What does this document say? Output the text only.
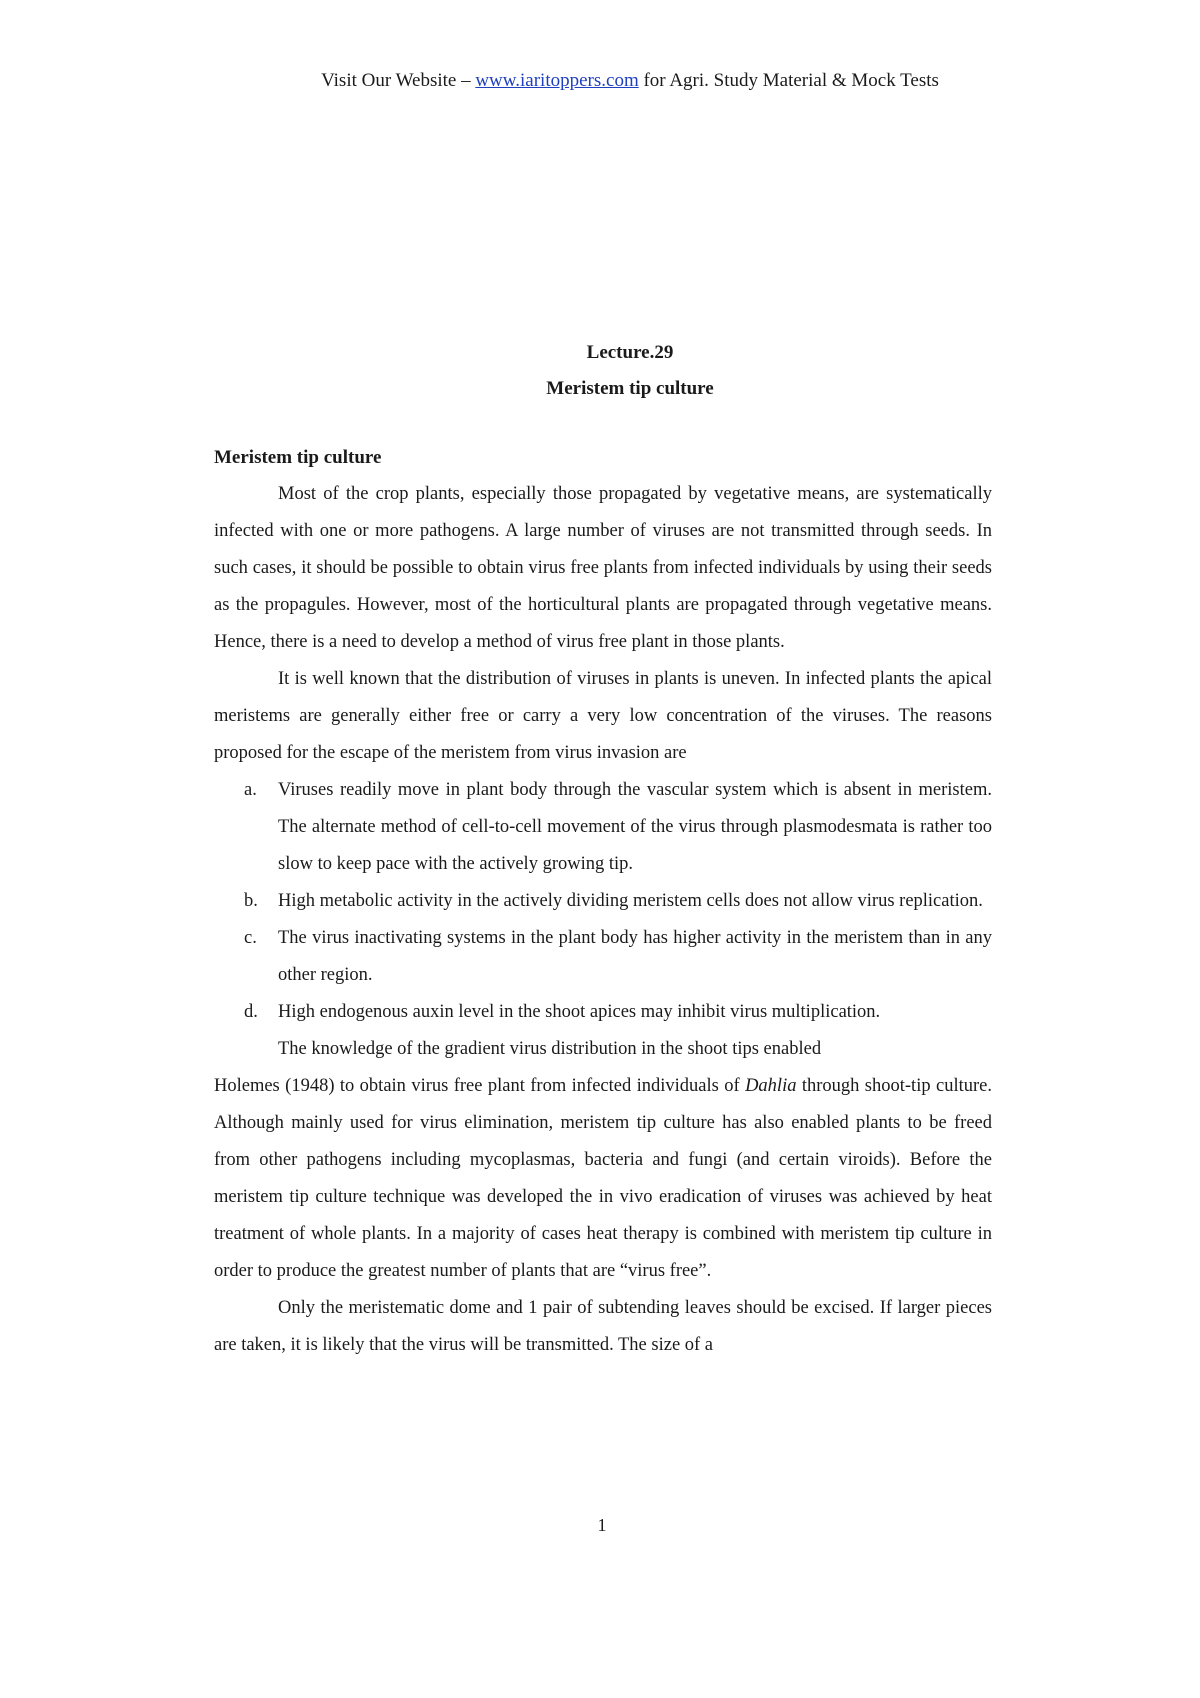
Visit Our Website – www.iaritoppers.com for Agri. Study Material & Mock Tests
Lecture.29
Meristem tip culture
Meristem tip culture

Most of the crop plants, especially those propagated by vegetative means, are systematically infected with one or more pathogens. A large number of viruses are not transmitted through seeds. In such cases, it should be possible to obtain virus free plants from infected individuals by using their seeds as the propagules. However, most of the horticultural plants are propagated through vegetative means. Hence, there is a need to develop a method of virus free plant in those plants.

It is well known that the distribution of viruses in plants is uneven. In infected plants the apical meristems are generally either free or carry a very low concentration of the viruses. The reasons proposed for the escape of the meristem from virus invasion are

a. Viruses readily move in plant body through the vascular system which is absent in meristem. The alternate method of cell-to-cell movement of the virus through plasmodesmata is rather too slow to keep pace with the actively growing tip.
b. High metabolic activity in the actively dividing meristem cells does not allow virus replication.
c. The virus inactivating systems in the plant body has higher activity in the meristem than in any other region.
d. High endogenous auxin level in the shoot apices may inhibit virus multiplication.

The knowledge of the gradient virus distribution in the shoot tips enabled

Holemes (1948) to obtain virus free plant from infected individuals of Dahlia through shoot-tip culture. Although mainly used for virus elimination, meristem tip culture has also enabled plants to be freed from other pathogens including mycoplasmas, bacteria and fungi (and certain viroids). Before the meristem tip culture technique was developed the in vivo eradication of viruses was achieved by heat treatment of whole plants. In a majority of cases heat therapy is combined with meristem tip culture in order to produce the greatest number of plants that are “virus free”.

Only the meristematic dome and 1 pair of subtending leaves should be excised. If larger pieces are taken, it is likely that the virus will be transmitted. The size of a

1
